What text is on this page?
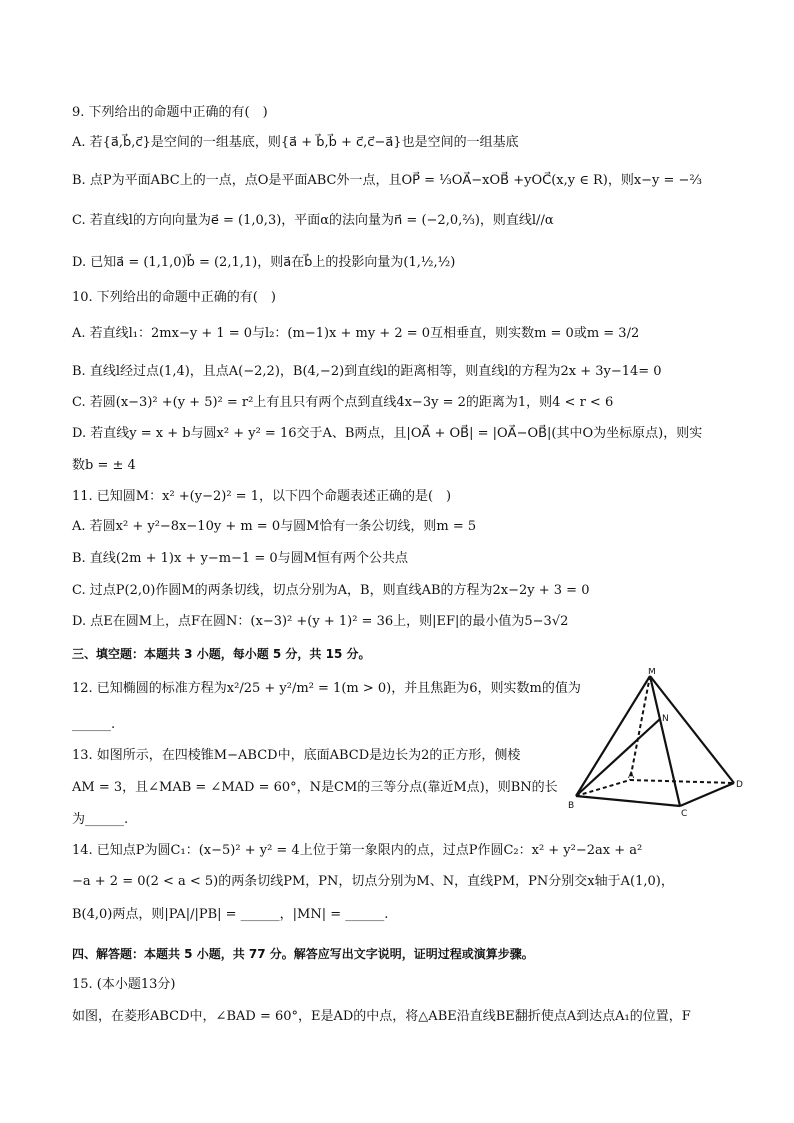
9. 下列给出的命题中正确的有(　)
A. 若{a⃗,b⃗,c⃗}是空间的一组基底，则{a⃗ + b⃗,b⃗ + c⃗,c⃗−a⃗}也是空间的一组基底
B. 点P为平面ABC上的一点，点O是平面ABC外一点，且OP⃗ = ⅓OA⃗−xOB⃗ +yOC⃗(x,y ∈ R)，则x−y = −⅔
C. 若直线l的方向向量为e⃗ = (1,0,3)，平面α的法向量为n⃗ = (−2,0,⅔)，则直线l//α
D. 已知a⃗ = (1,1,0)b⃗ = (2,1,1)，则a⃗在b⃗上的投影向量为(1,½,½)
10. 下列给出的命题中正确的有(　)
A. 若直线l₁：2mx−y + 1 = 0与l₂：(m−1)x + my + 2 = 0互相垂直，则实数m = 0或m = 3/2
B. 直线l经过点(1,4)，且点A(−2,2)，B(4,−2)到直线l的距离相等，则直线l的方程为2x + 3y−14= 0
C. 若圆(x−3)² +(y + 5)² = r²上有且只有两个点到直线4x−3y = 2的距离为1，则4 < r < 6
D. 若直线y = x + b与圆x² + y² = 16交于A、B两点，且|OA⃗ + OB⃗| = |OA⃗−OB⃗|(其中O为坐标原点)，则实
数b = ± 4
11. 已知圆M：x² +(y−2)² = 1，以下四个命题表述正确的是(　)
A. 若圆x² + y²−8x−10y + m = 0与圆M恰有一条公切线，则m = 5
B. 直线(2m + 1)x + y−m−1 = 0与圆M恒有两个公共点
C. 过点P(2,0)作圆M的两条切线，切点分别为A，B，则直线AB的方程为2x−2y + 3 = 0
D. 点E在圆M上，点F在圆N：(x−3)² +(y + 1)² = 36上，则|EF|的最小值为5−3√2
三、填空题：本题共 3 小题，每小题 5 分，共 15 分。
12. 已知椭圆的标准方程为x²/25 + y²/m² = 1(m > 0)，并且焦距为6，则实数m的值为
______.
13. 如图所示，在四棱锥M−ABCD中，底面ABCD是边长为2的正方形，侧棱
AM = 3，且∠MAB = ∠MAD = 60°，N是CM的三等分点(靠近M点)，则BN的长
为______.
14. 已知点P为圆C₁：(x−5)² + y² = 4上位于第一象限内的点，过点P作圆C₂：x² + y²−2ax + a²
−a + 2 = 0(2 < a < 5)的两条切线PM，PN，切点分别为M、N，直线PM，PN分别交x轴于A(1,0)，
B(4,0)两点，则|PA|/|PB| = ______，|MN| = ______.
四、解答题：本题共 5 小题，共 77 分。解答应写出文字说明，证明过程或演算步骤。
15. (本小题13分)
如图，在菱形ABCD中，∠BAD = 60°，E是AD的中点，将△ABE沿直线BE翻折使点A到达点A₁的位置，F
M
N
A
B
C
D
